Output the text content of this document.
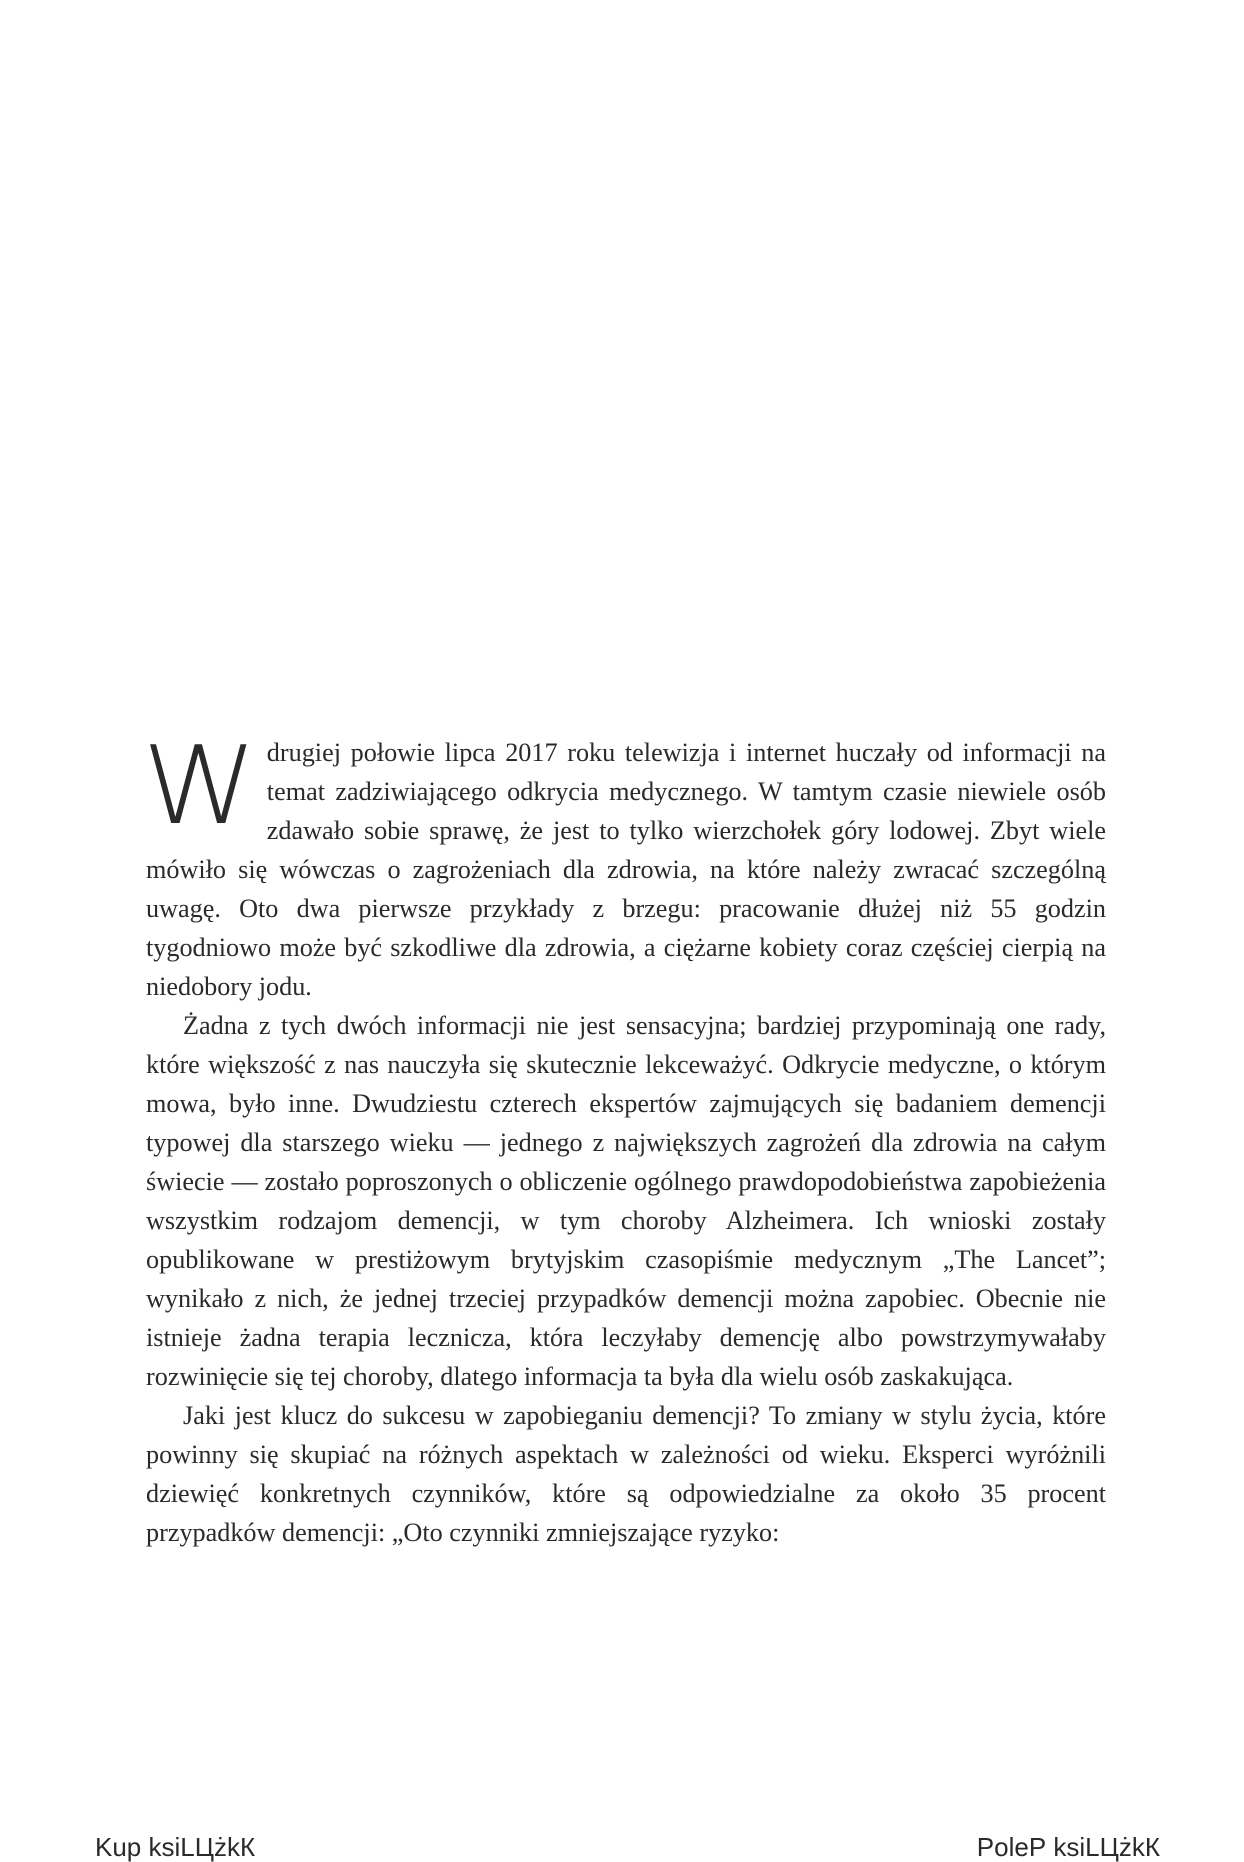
Wdrugiej połowie lipca 2017 roku telewizja i internet huczały od informacji na temat zadziwiającego odkrycia medycznego. W tamtym czasie niewiele osób zdawało sobie sprawę, że jest to tylko wierzchołek góry lodowej. Zbyt wiele mówiło się wówczas o zagrożeniach dla zdrowia, na które należy zwracać szczególną uwagę. Oto dwa pierwsze przykłady z brzegu: pracowanie dłużej niż 55 godzin tygodniowo może być szkodliwe dla zdrowia, a ciężarne kobiety coraz częściej cierpią na niedobory jodu.

Żadna z tych dwóch informacji nie jest sensacyjna; bardziej przypominają one rady, które większość z nas nauczyła się skutecznie lekceważyć. Odkrycie medyczne, o którym mowa, było inne. Dwudziestu czterech ekspertów zajmujących się badaniem demencji typowej dla starszego wieku — jednego z największych zagrożeń dla zdrowia na całym świecie — zostało poproszonych o obliczenie ogólnego prawdopodobieństwa zapobieżenia wszystkim rodzajom demencji, w tym choroby Alzheimera. Ich wnioski zostały opublikowane w prestiżowym brytyjskim czasopiśmie medycznym „The Lancet”; wynikało z nich, że jednej trzeciej przypadków demencji można zapobiec. Obecnie nie istnieje żadna terapia lecznicza, która leczyłaby demencję albo powstrzymywałaby rozwinięcie się tej choroby, dlatego informacja ta była dla wielu osób zaskakująca.

Jaki jest klucz do sukcesu w zapobieganiu demencji? To zmiany w stylu życia, które powinny się skupiać na różnych aspektach w zależności od wieku. Eksperci wyróżnili dziewięć konkretnych czynników, które są odpowiedzialne za około 35 procent przypadków demencji: „Oto czynniki zmniejszające ryzyko:

Kup ksiLЦżkК	PoleР ksiLЦżkК
